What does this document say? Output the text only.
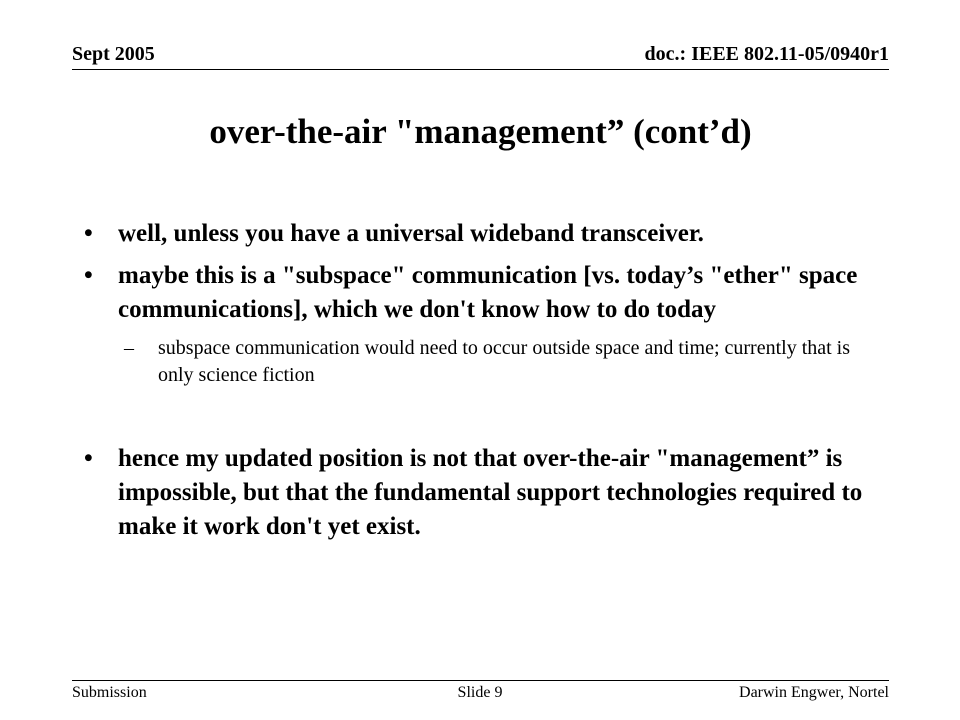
Sept 2005	doc.: IEEE 802.11-05/0940r1
over-the-air "management” (cont’d)
• well, unless you have a universal wideband transceiver.
• maybe this is a "subspace" communication [vs. today’s "ether" space communications], which we don't know how to do today
– subspace communication would need to occur outside space and time; currently that is only science fiction
• hence my updated position is not that over-the-air "management” is impossible, but that the fundamental support technologies required to make it work don't yet exist.
Submission	Slide 9	Darwin Engwer, Nortel
